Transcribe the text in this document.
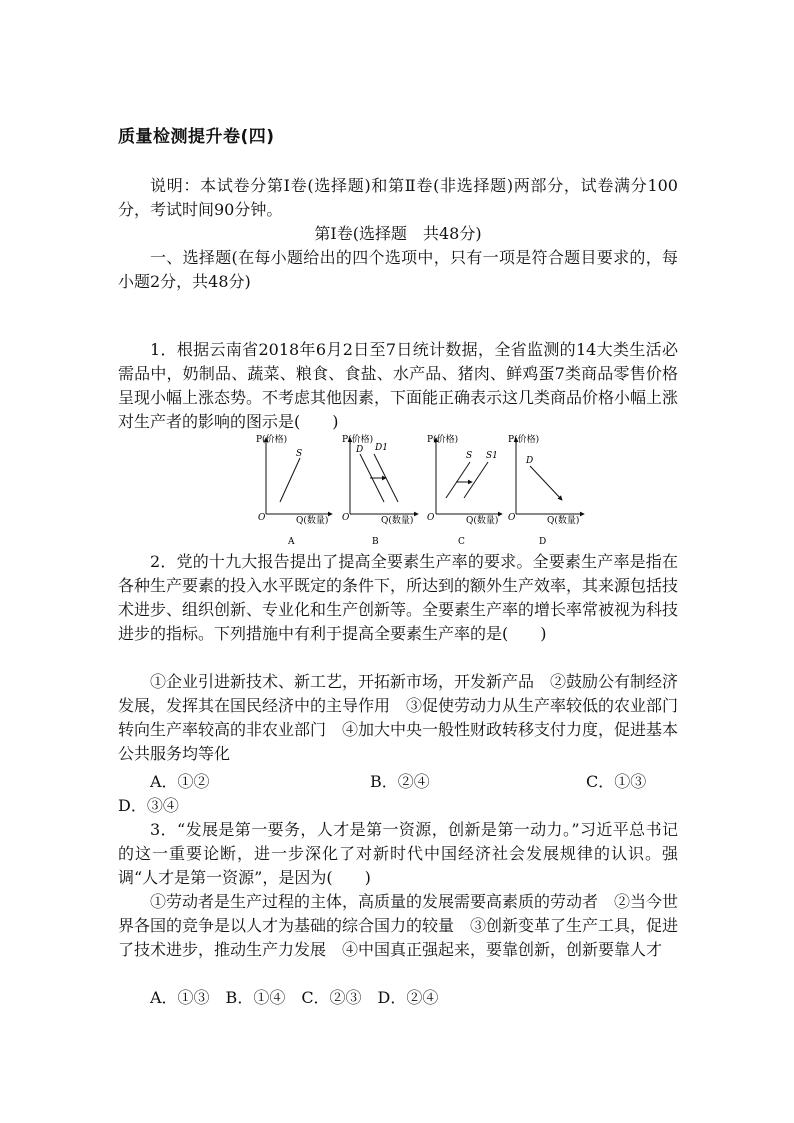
质量检测提升卷(四)
说明：本试卷分第Ⅰ卷(选择题)和第Ⅱ卷(非选择题)两部分，试卷满分100分，考试时间90分钟。
第Ⅰ卷(选择题　共48分)
一、选择题(在每小题给出的四个选项中，只有一项是符合题目要求的，每小题2分，共48分)
1．根据云南省2018年6月2日至7日统计数据，全省监测的14大类生活必需品中，奶制品、蔬菜、粮食、食盐、水产品、猪肉、鲜鸡蛋7类商品零售价格呈现小幅上涨态势。不考虑其他因素，下面能正确表示这几类商品价格小幅上涨对生产者的影响的图示是(　　)
S
P(价格)
Q(数量)
O
A
D D1
P(价格)
Q(数量)
O
B
S S1
P(价格)
Q(数量)
O
C
D
P(价格)
Q(数量)
O
D
2．党的十九大报告提出了提高全要素生产率的要求。全要素生产率是指在各种生产要素的投入水平既定的条件下，所达到的额外生产效率，其来源包括技术进步、组织创新、专业化和生产创新等。全要素生产率的增长率常被视为科技进步的指标。下列措施中有利于提高全要素生产率的是(　　)
①企业引进新技术、新工艺，开拓新市场，开发新产品　②鼓励公有制经济发展，发挥其在国民经济中的主导作用　③促使劳动力从生产率较低的农业部门转向生产率较高的非农业部门　④加大中央一般性财政转移支付力度，促进基本公共服务均等化
A．①②	B．②④	C．①③
D．③④
3．“发展是第一要务，人才是第一资源，创新是第一动力。”习近平总书记的这一重要论断，进一步深化了对新时代中国经济社会发展规律的认识。强调“人才是第一资源”，是因为(　　)
①劳动者是生产过程的主体，高质量的发展需要高素质的劳动者　②当今世界各国的竞争是以人才为基础的综合国力的较量　③创新变革了生产工具，促进了技术进步，推动生产力发展　④中国真正强起来，要靠创新，创新要靠人才
A．①③　B．①④　C．②③　D．②④
